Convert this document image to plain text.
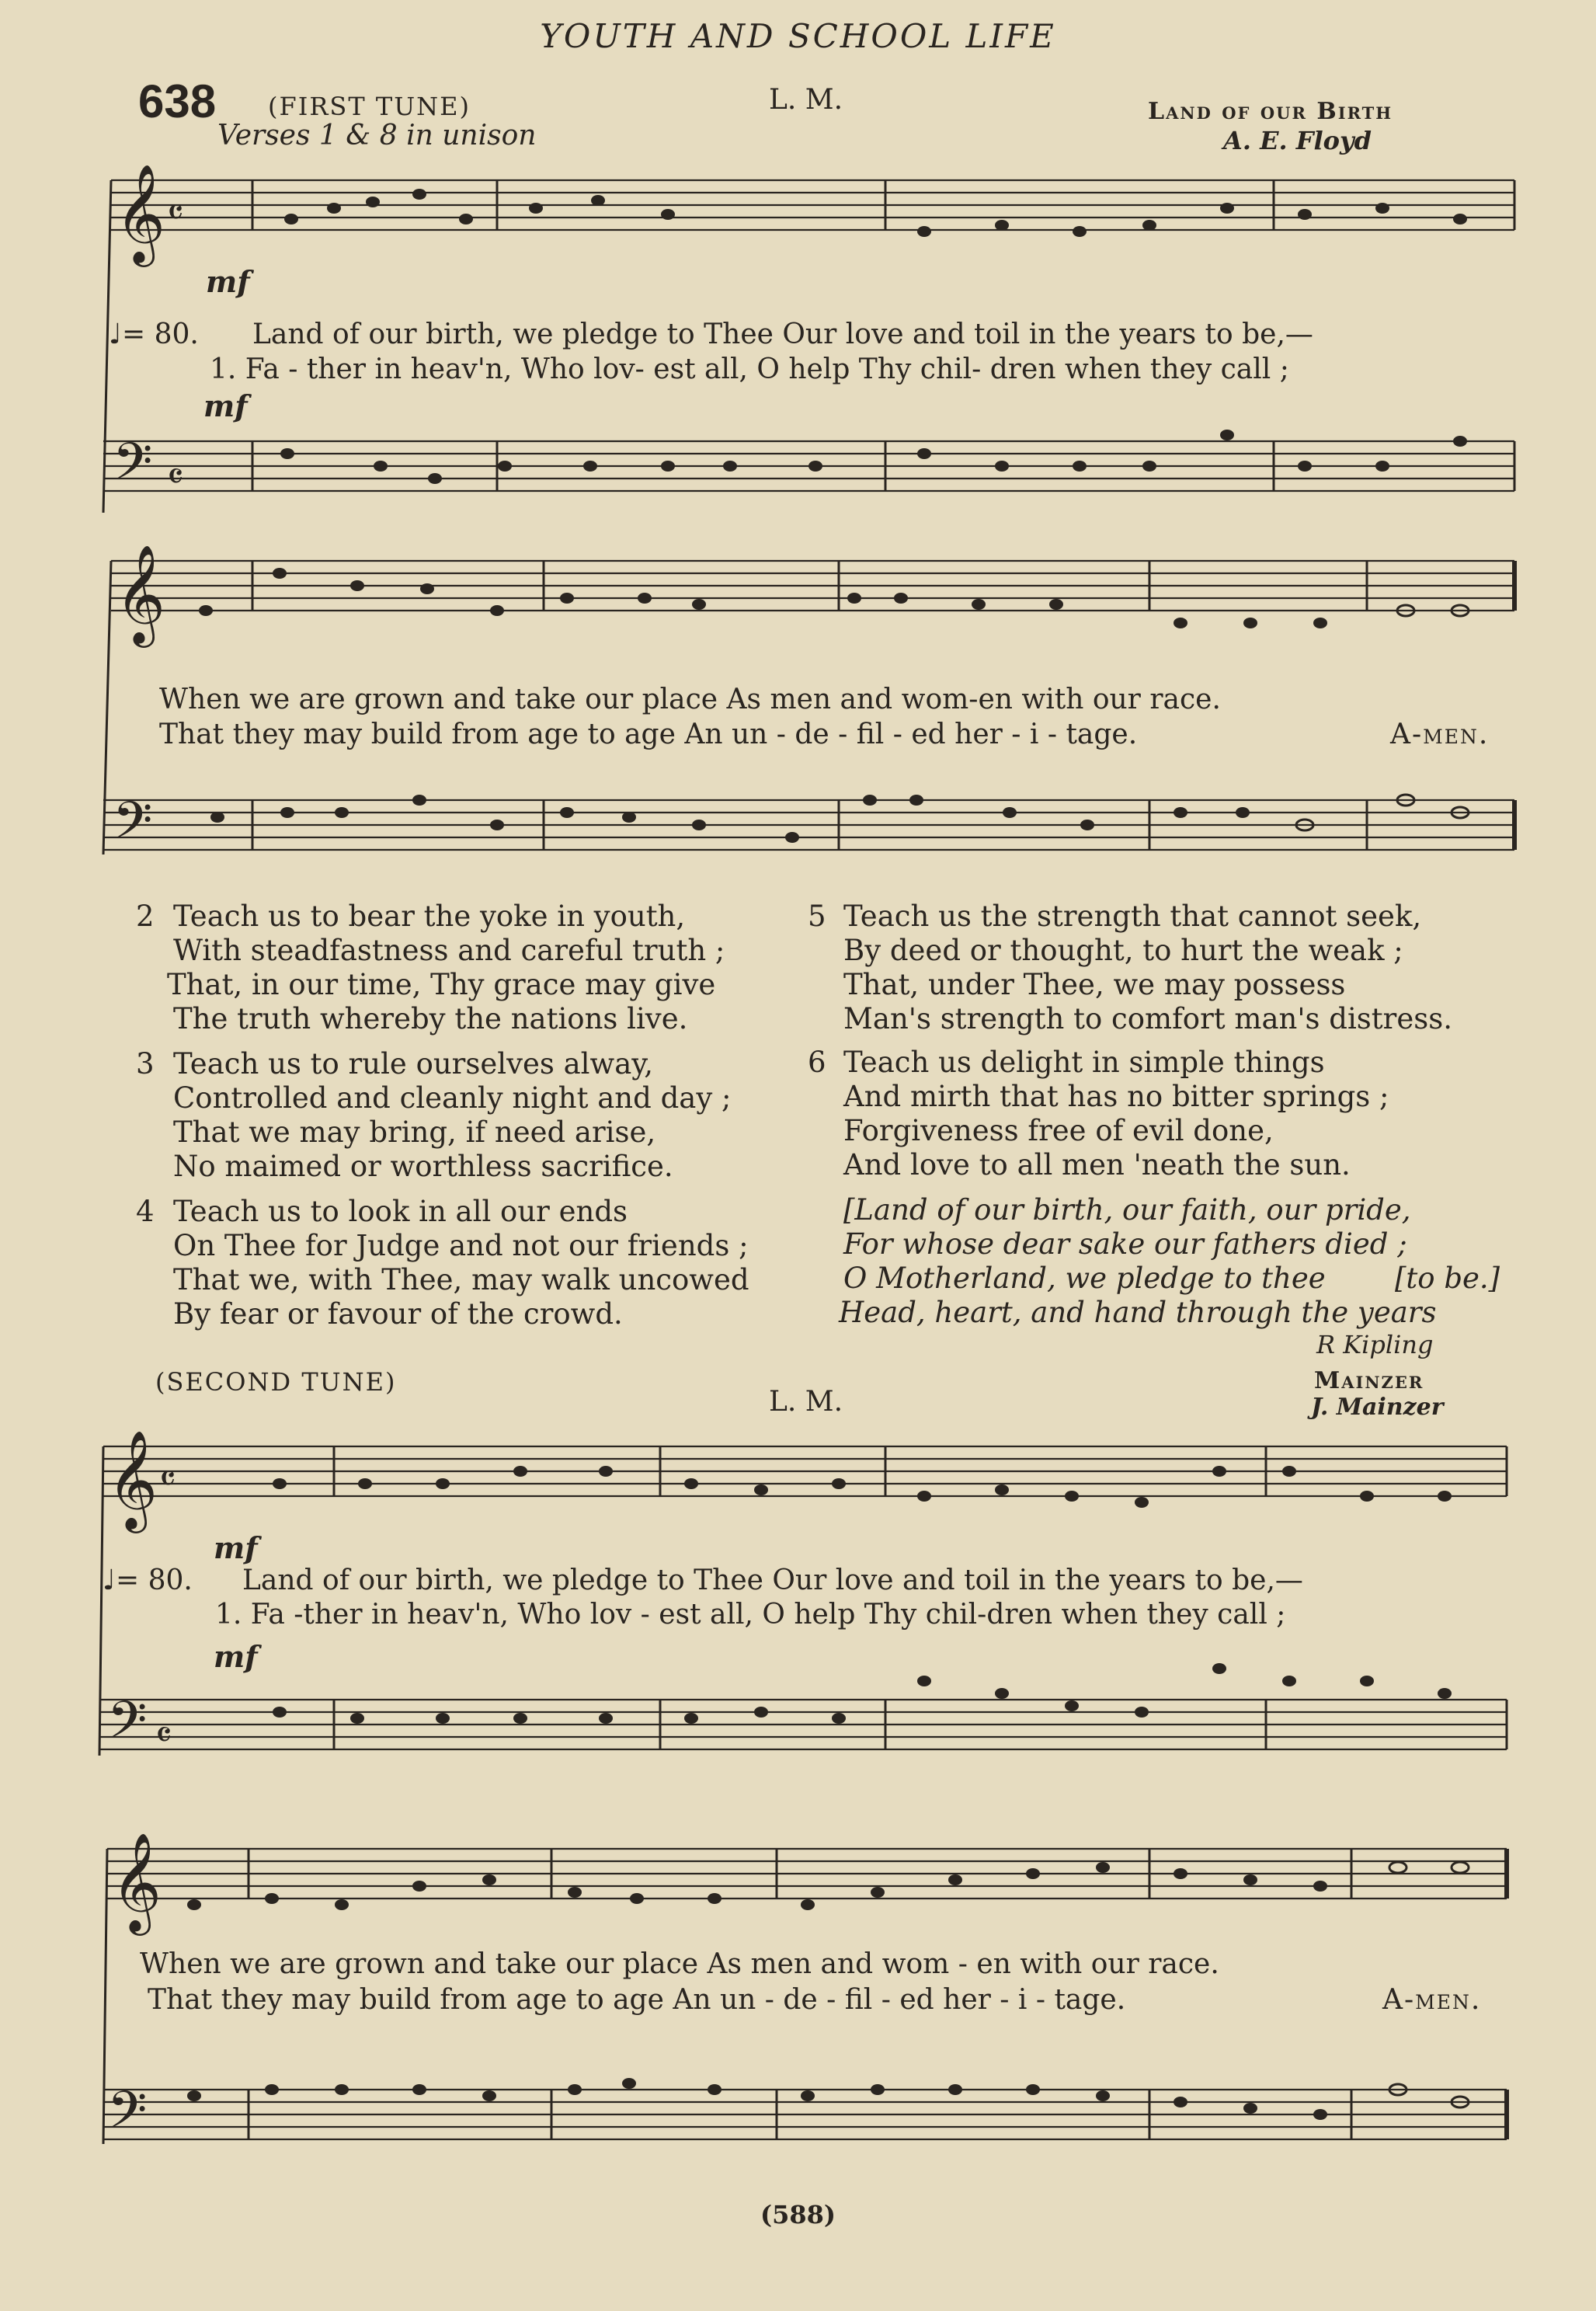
𝄞 𝄴
𝄢 𝄴
𝄞
𝄢
𝄞 𝄴
𝄢 𝄴
𝄞
𝄢
YOUTH AND SCHOOL LIFE
638 (FIRST TUNE)
Verses 1 & 8 in unison
L. M.	Land of our Birth
A. E. Floyd
mf
mf
♩= 80. Land of our birth, we pledge to Thee Our love and toil in the years to be,—
1. Fa - ther in heav'n, Who lov- est all, O help Thy chil- dren when they call ;
When we are grown and take our place As men and wom-en with our race.
That they may build from age to age An un - de - fil - ed her - i - tage.	A-men.
2 Teach us to bear the yoke in youth,
With steadfastness and careful truth ;
That, in our time, Thy grace may give
The truth whereby the nations live.
3 Teach us to rule ourselves alway,
Controlled and cleanly night and day ;
That we may bring, if need arise,
No maimed or worthless sacrifice.
4 Teach us to look in all our ends
On Thee for Judge and not our friends ;
That we, with Thee, may walk uncowed
By fear or favour of the crowd.
5 Teach us the strength that cannot seek,
By deed or thought, to hurt the weak ;
That, under Thee, we may possess
Man's strength to comfort man's distress.
6 Teach us delight in simple things
And mirth that has no bitter springs ;
Forgiveness free of evil done,
And love to all men 'neath the sun.
[Land of our birth, our faith, our pride,
For whose dear sake our fathers died ;
O Motherland, we pledge to thee [to be.]
Head, heart, and hand through the years
R Kipling
(SECOND TUNE)
L. M.
Mainzer
J. Mainzer
mf
mf
♩= 80. Land of our birth, we pledge to Thee Our love and toil in the years to be,—
1. Fa -ther in heav'n, Who lov - est all, O help Thy chil-dren when they call ;
When we are grown and take our place As men and wom - en with our race.
That they may build from age to age An un - de - fil - ed her - i - tage.	A-men.
(588)
